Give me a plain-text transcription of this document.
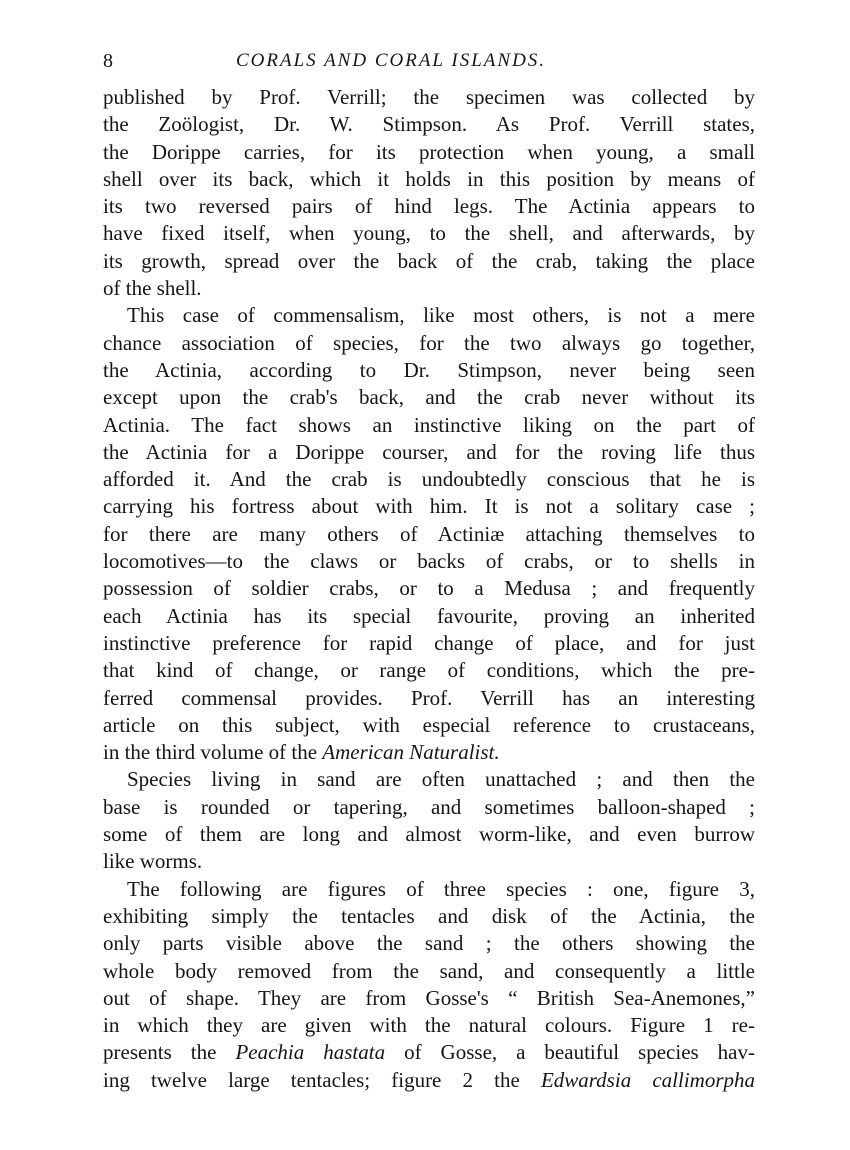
8	CORALS AND CORAL ISLANDS.
published by Prof. Verrill; the specimen was collected by
the Zoölogist, Dr. W. Stimpson. As Prof. Verrill states,
the Dorippe carries, for its protection when young, a small
shell over its back, which it holds in this position by means of
its two reversed pairs of hind legs. The Actinia appears to
have fixed itself, when young, to the shell, and afterwards, by
its growth, spread over the back of the crab, taking the place
of the shell.
This case of commensalism, like most others, is not a mere
chance association of species, for the two always go together,
the Actinia, according to Dr. Stimpson, never being seen
except upon the crab's back, and the crab never without its
Actinia. The fact shows an instinctive liking on the part of
the Actinia for a Dorippe courser, and for the roving life thus
afforded it. And the crab is undoubtedly conscious that he is
carrying his fortress about with him. It is not a solitary case ;
for there are many others of Actiniæ attaching themselves to
locomotives—to the claws or backs of crabs, or to shells in
possession of soldier crabs, or to a Medusa ; and frequently
each Actinia has its special favourite, proving an inherited
instinctive preference for rapid change of place, and for just
that kind of change, or range of conditions, which the pre-
ferred commensal provides. Prof. Verrill has an interesting
article on this subject, with especial reference to crustaceans,
in the third volume of the American Naturalist.
Species living in sand are often unattached ; and then the
base is rounded or tapering, and sometimes balloon-shaped ;
some of them are long and almost worm-like, and even burrow
like worms.
The following are figures of three species : one, figure 3,
exhibiting simply the tentacles and disk of the Actinia, the
only parts visible above the sand ; the others showing the
whole body removed from the sand, and consequently a little
out of shape. They are from Gosse's “ British Sea-Anemones,”
in which they are given with the natural colours. Figure 1 re-
presents the Peachia hastata of Gosse, a beautiful species hav-
ing twelve large tentacles; figure 2 the Edwardsia callimorpha
